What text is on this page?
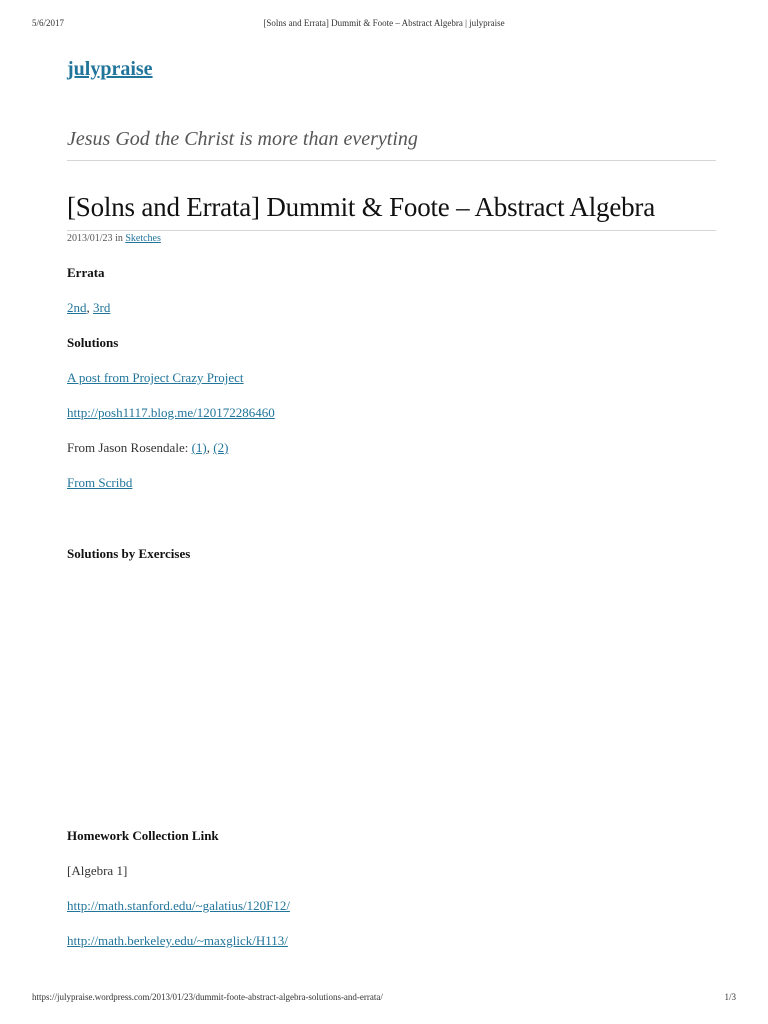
5/6/2017	[Solns and Errata] Dummit & Foote – Abstract Algebra | julypraise
julypraise
Jesus God the Christ is more than everyting
[Solns and Errata] Dummit & Foote – Abstract Algebra
2013/01/23 in Sketches
Errata

2nd, 3rd

Solutions

A post from Project Crazy Project

http://posh1117.blog.me/120172286460

From Jason Rosendale: (1), (2)

From Scribd

Solutions by Exercises
Homework Collection Link

[Algebra 1]

http://math.stanford.edu/~galatius/120F12/

http://math.berkeley.edu/~maxglick/H113/

https://julypraise.wordpress.com/2013/01/23/dummit-foote-abstract-algebra-solutions-and-errata/	1/3
